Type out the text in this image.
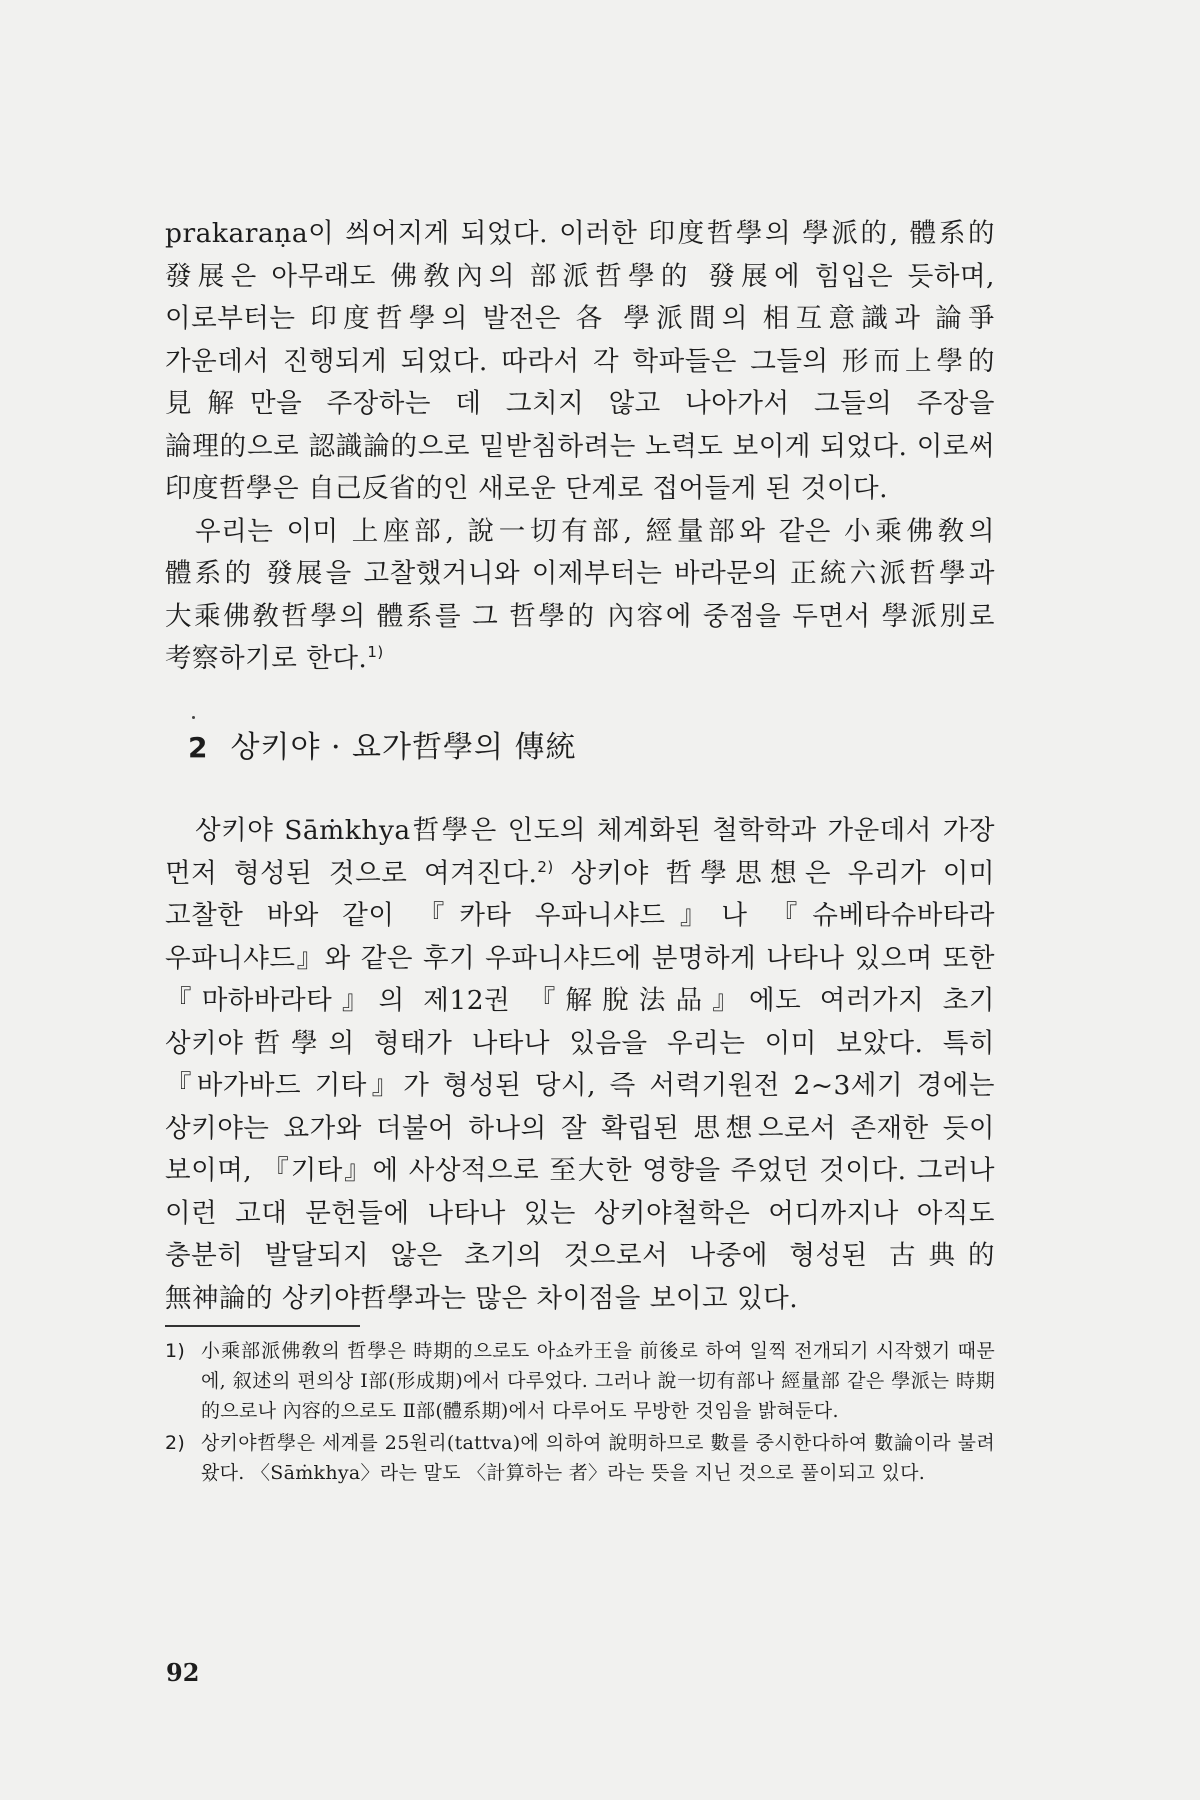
prakaraṇa이 씌어지게 되었다. 이러한 印度哲學의 學派的, 體系的 發展은 아무래도 佛敎內의 部派哲學的 發展에 힘입은 듯하며, 이로부터는 印度哲學의 발전은 各 學派間의 相互意識과 論爭 가운데서 진행되게 되었다. 따라서 각 학파들은 그들의 形而上學的 見解만을 주장하는 데 그치지 않고 나아가서 그들의 주장을 論理的으로 認識論的으로 밑받침하려는 노력도 보이게 되었다. 이로써 印度哲學은 自己反省的인 새로운 단계로 접어들게 된 것이다.

우리는 이미 上座部, 說一切有部, 經量部와 같은 小乘佛敎의 體系的 發展을 고찰했거니와 이제부터는 바라문의 正統六派哲學과 大乘佛敎哲學의 體系를 그 哲學的 內容에 중점을 두면서 學派別로 考察하기로 한다.$^{1)}$

2 상키야 · 요가哲學의 傳統

상키야 Sāṁkhya哲學은 인도의 체계화된 철학학과 가운데서 가장 먼저 형성된 것으로 여겨진다.$^{2)}$ 상키야 哲學思想은 우리가 이미 고찰한 바와 같이 『카타 우파니샤드』나 『슈베타슈바타라 우파니샤드』와 같은 후기 우파니샤드에 분명하게 나타나 있으며 또한 『마하바라타』의 제12권 『解脫法品』에도 여러가지 초기 상키야哲學의 형태가 나타나 있음을 우리는 이미 보았다. 특히 『바가바드 기타』가 형성된 당시, 즉 서력기원전 2~3세기 경에는 상키야는 요가와 더불어 하나의 잘 확립된 思想으로서 존재한 듯이 보이며, 『기타』에 사상적으로 至大한 영향을 주었던 것이다. 그러나 이런 고대 문헌들에 나타나 있는 상키야철학은 어디까지나 아직도 충분히 발달되지 않은 초기의 것으로서 나중에 형성된 古典的 無神論的 상키야哲學과는 많은 차이점을 보이고 있다.

1) 小乘部派佛敎의 哲學은 時期的으로도 아쇼카王을 前後로 하여 일찍 전개되기 시작했기 때문에, 叙述의 편의상 Ⅰ部(形成期)에서 다루었다. 그러나 說一切有部나 經量部 같은 學派는 時期的으로나 內容的으로도 Ⅱ部(體系期)에서 다루어도 무방한 것임을 밝혀둔다.
2) 상키야哲學은 세계를 25원리(tattva)에 의하여 說明하므로 數를 중시한다하여 數論이라 불려 왔다. 〈Sāṁkhya〉라는 말도 〈計算하는 者〉라는 뜻을 지닌 것으로 풀이되고 있다.
92
